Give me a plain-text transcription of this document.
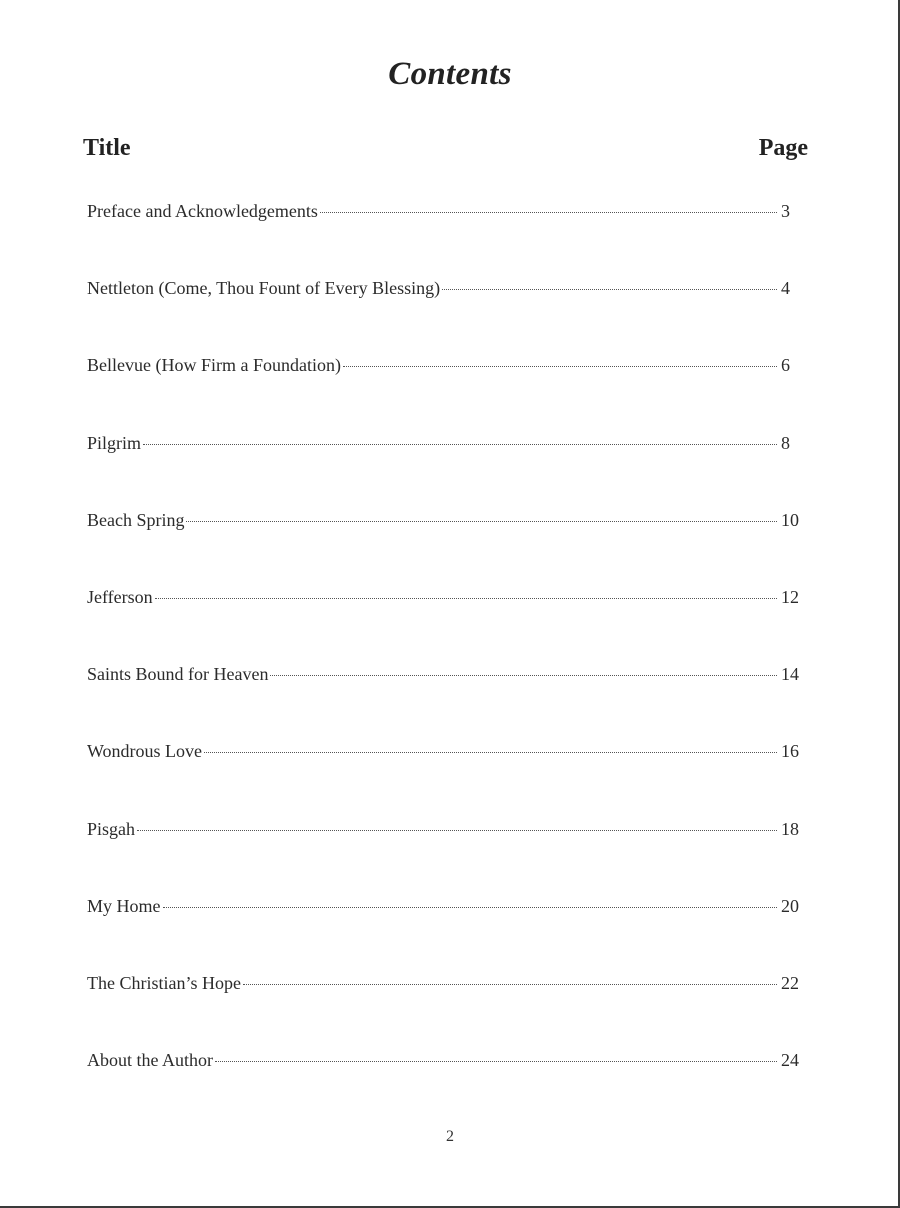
Contents
Title	Page
Preface and Acknowledgements	3
Nettleton (Come, Thou Fount of Every Blessing)	4
Bellevue (How Firm a Foundation)	6
Pilgrim	8
Beach Spring	10
Jefferson	12
Saints Bound for Heaven	14
Wondrous Love	16
Pisgah	18
My Home	20
The Christian’s Hope	22
About the Author	24
2
